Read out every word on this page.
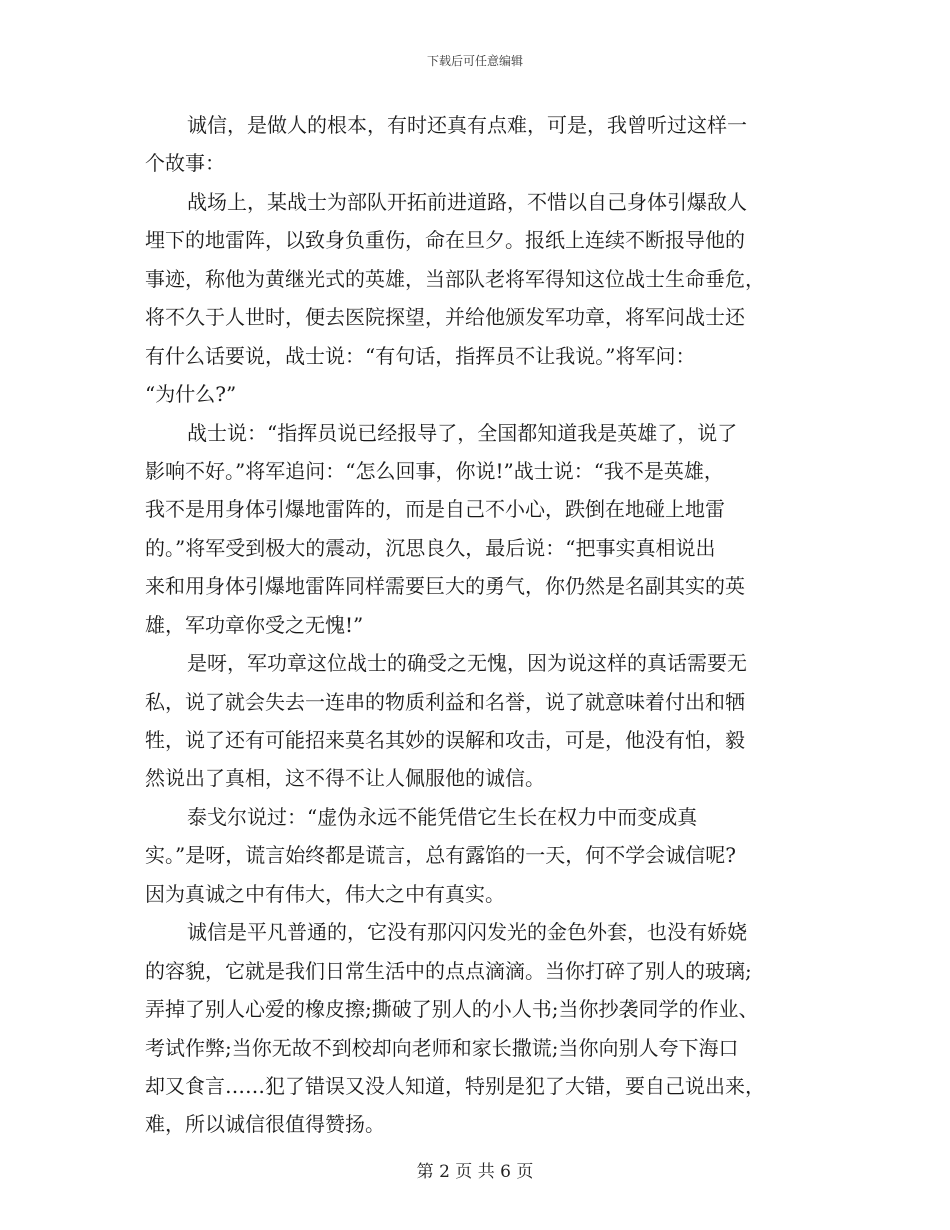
下载后可任意编辑
诚信，是做人的根本，有时还真有点难，可是，我曾听过这样一
个故事：
战场上，某战士为部队开拓前进道路，不惜以自己身体引爆敌人
埋下的地雷阵，以致身负重伤，命在旦夕。报纸上连续不断报导他的
事迹，称他为黄继光式的英雄，当部队老将军得知这位战士生命垂危，
将不久于人世时，便去医院探望，并给他颁发军功章，将军问战士还
有什么话要说，战士说：“有句话，指挥员不让我说。”将军问：
“为什么?”
战士说：“指挥员说已经报导了，全国都知道我是英雄了，说了
影响不好。”将军追问：“怎么回事，你说!”战士说：“我不是英雄，
我不是用身体引爆地雷阵的，而是自己不小心，跌倒在地碰上地雷
的。”将军受到极大的震动，沉思良久，最后说：“把事实真相说出
来和用身体引爆地雷阵同样需要巨大的勇气，你仍然是名副其实的英
雄，军功章你受之无愧!”
是呀，军功章这位战士的确受之无愧，因为说这样的真话需要无
私，说了就会失去一连串的物质利益和名誉，说了就意味着付出和牺
牲，说了还有可能招来莫名其妙的误解和攻击，可是，他没有怕，毅
然说出了真相，这不得不让人佩服他的诚信。
泰戈尔说过：“虚伪永远不能凭借它生长在权力中而变成真
实。”是呀，谎言始终都是谎言，总有露馅的一天，何不学会诚信呢?
因为真诚之中有伟大，伟大之中有真实。
诚信是平凡普通的，它没有那闪闪发光的金色外套，也没有娇娆
的容貌，它就是我们日常生活中的点点滴滴。当你打碎了别人的玻璃;
弄掉了别人心爱的橡皮擦;撕破了别人的小人书;当你抄袭同学的作业、
考试作弊;当你无故不到校却向老师和家长撒谎;当你向别人夸下海口
却又食言……犯了错误又没人知道，特别是犯了大错，要自己说出来，
难，所以诚信很值得赞扬。
第 2 页 共 6 页
